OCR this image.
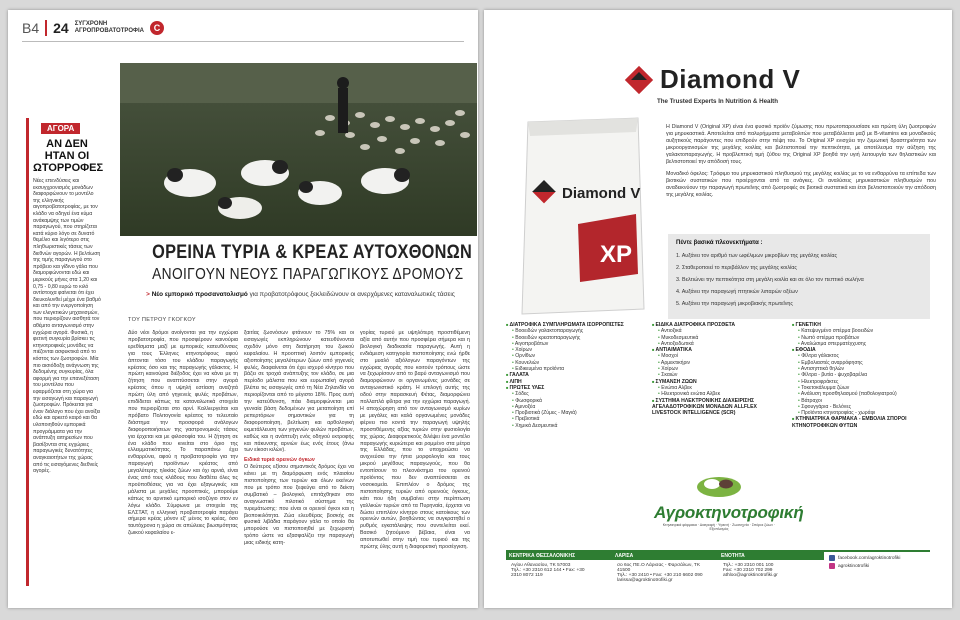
B4 24 ΣΥΓΧΡΟΝΗ
ΑΓΡΟΠΡΟΒΑΤΟΤΡΟΦΙΑ	C
ΑΓΟΡΑ
ΑΝ ΔΕΝ ΗΤΑΝ ΟΙ ΩΤΟΡΡΟΦΕΣ
Νέες επενδύσεις και εκσυγχρονισμός μονάδων διαφορφώνουν το μοντέλο της ελληνικής αιγοπροβατοτροφίας, με τον κλάδο να οδηγεί ένα κύμα ανάκαμψης των τιμών παραγωγού, που στηρίζεται κατά κύριο λόγο σε δυνατό θεμέλιο και λιγότερο στις πληθωριστικές τάσεις των διεθνών αγορών. Η βελτίωση της τιμής παραγωγού στο πρόβειο και γίδινο γάλα που διαμορφώνονται εδώ και μερικούς μήνες στα 1,20 και 0,75 - 0,80 ευρώ το κιλό αντίστοιχα φαίνεται ότι έχει διευκολυνθεί μέχρι ένα βαθμό και από την ενεργοποίηση των ελεγκτικών μηχανισμών, που περιορίζουν αισθητά τον αθέμιτο ανταγωνισμό στην εγχώρια αγορά. Φυσικά, η φετινή συγκυρία βρίσκει τις κτηνοτροφικές μονάδες να πιέζονται ασφυκτικά από το κόστος των ζωοτροφών. Μία πιο αισιόδοξη ανάγνωση της δεδομένης συγκυρίας, όλα αφορμή για την επανεξέταση του μοντέλου που εφαρμόζεται στη χώρα για την εισαγωγή και παραγωγή ζωοτροφών. Πρόκειται για έναν διάλογο που έχει ανοίξει εδώ και αρκετό καιρό και θα υλοποιηθούν εμπορικά προγράμματα για την ανάπτυξη αιτηρεσίων που βασίζονται στις εγχώριες παραγωγικές δυνατότητες αναγκαιοτήτων της χώρας από τις εισαγόμενες διεθνείς αγορές.
ΟΡΕΙΝΑ ΤΥΡΙΑ & ΚΡΕΑΣ ΑΥΤΟΧΘΟΝΩΝ
ΑΝΟΙΓΟΥΝ ΝΕΟΥΣ ΠΑΡΑΓΩΓΙΚΟΥΣ ΔΡΟΜΟΥΣ
> Νέο εμπορικό προσανατολισμό για προβατοτρόφους ξεκλειδώνουν οι ανερχόμενες καταναλωτικές τάσεις
ΤΟΥ ΠΕΤΡΟΥ ΓΚΟΓΚΟΥ

Δύο νέοι δρόμοι ανοίγονται για την εγχώρια προβατοτροφία, που προσφέρουν καινούρια ερεθίσματα μαζί με εμπορικές κατευθύνσεις για τους Έλληνες κτηνοτρόφους αφού άπτονται τόσο του κλάδου παραγωγής κρέατος όσο και της παραγωγής γάλακτος. Η πρώτη καινούρια διέξοδος έχει να κάνει με τη ζήτηση που αναπτύσσεται στην αγορά κρέατος όπου η υψηλή εστίαση αναζητά πρώτη ύλη από γηγενείς φυλές προβάτων, επιδίδεται κάπως τα καταναλωτικά στοιχεία που περιορίζεται στο αρνί. Καλλιεργείται και πρόβατο Πολιτογονία κρέατος το τελευταίο διάστημα την προσφορά ανάλογων διαφοροποιήσεων της γαστρονομικές τάσεις για έρχεται και με φιλοσοφία του. Η ζήτηση σε ένα κλάδο που κινείται στο όριο της ελλειμματικότητας. Το παραπάνω έχει ενθαρρύνει, αφού η προβατοτροφία για την παραγωγή προϊόντων κρέατος από μεγαλύτερης ηλικίας ζώων και όχι αρνιά, είναι ένας από τους κλάδους που διαθέτει όλες τις προϋποθέσεις για να έχει εξαγωγικές και μάλιστα με μεγάλες προοπτικές, μπορούμε κάπως το αρνιτικό εμπορικό ισοζύγιο στον εν λόγω κλάδο. Σύμφωνα με στοιχεία της ΕΛΣΤΑΤ, η ελληνική προβατοτροφία παράγει σήμερα κρέας μόνον εξ' μένος το κρέας, όσο ταυτόχρονα η χώρα σε απώλειες βιωσιμότητας ζωικού κεφαλαίου ε-

ξαιτίας ζωονόσων φτάνουν το 75% και οι εισαγωγές εκπληρώνουν κατευθύνονται σχεδόν μόνο στη διατήρηση του ζωικού κεφαλαίου. Η προοπτική λοιπόν εμπορικής αξιοποίησης μεγαλύτερων ζώων από γηγενείς φυλές, διαφαίνεται ότι έχει ισχυρό κίνητρο που βάζει σε τροχιά ανάπτυξης τον κλάδο, σε μια περίοδο μάλιστα που και ευρωπαϊκή αγορά βλέπει τις εισαγωγές από τη Νέα Ζηλανδία να περιορίζονται από το μέγιστο 18%. Προς αυτή την κατεύθυνση, πάει διαμορφώνεται μια γενναία βάση δεδομένων για μεταποίηση επί ρεπερτόριων σημαντικών για τη διαφοροποίηση, βελτίωση και αρθολογική εκμετάλλευση των γηγενών φυλών προβάτων, καθώς και η ανάπτυξη ενός οδηγού εκτροφής και πάκυνσης αρνιών έως ενός έτους (άνω των είκοσι κιλών).

Ειδικά τυριά ορεινών όγκων

Ο δεύτερος εξίσου σημαντικός δρόμος έχει να κάνει με τη διαμόρφωση ενός πλαισίου πιστοποίησης των τυριών και όλων εκείνων που με τρόπο που ξεφεύγει από το δείκτη συμβατικό – βιολογικό, επιτάχθηκαν στο αναγνωστικό πιλοτικό σύστημα της τυρεμάτωσης: που είναι οι ορεινοί όγκοι και η βιοποικιλότητα. Ζώα ελευθέρας βοσκής σε φυσικά λιβάδια παράγουν γάλα το οποίο θα μπορούσε να πιστοποιηθεί με ξεχωριστή τρόπο ώστε να εξασφαλίζει την παραγωγή μιας ειδικής κατη-

γορίας τυριού με υψηλότερη προστιθέμενη αξία από αυτήν που προσφέρει σήμερα και η βιολογική διαδικασία παραγωγής. Αυτή η ενδιάμεση κατηγορία πιστοποίησης ενώ ήρθε στο μυαλό αξιόλογων παραγόντων της εγχώριας αγοράς που κοιτούν τρόπους ώστε να ξεχωρίσουν από το βαρύ ανταγωνισμό που διαμορφώνουν οι οργανωμένες μονάδες σε ανταγωνιστικό κράτη. Η επιλογή αυτής της οδού στην παρασκευή Φέτας, διαμορφώνει πολλαπλά φίλτρα για την εγχώρια παραγωγή. Η αποχώρηση από τον ανταγωνισμό κυρίων με μεγάλες και καλά οργανωμένες μονάδες φέρνει πιο κοντά την παραγωγή υψηλής προστιθέμενης αξίας τυριών στην φυσιολογία της χώρας. Διαφορετικούς διλέψει ένα μοντέλο παραγωγής κυριώτερα και ρομμένο στα μέτρα της Ελλάδας, που το υποχρεώσει να ανιχνεύσει την ήπια μορφολογία και τους μικρού μεγέθους παραγωγούς, που θα εντοπίσουν το πλεονέκτημα του ορεινού προϊόντος που δεν αναπτύσσεται σε νοσοκομεία. Επιπλέον ο δρόμος της πιστοποίησης τυριών από ορεινούς όγκους, κάτι που ήδη συμβαίνει στην περίπτωση γαλλικών τυριών από τα Πυρηναία, έρχεται να δώσει επιπλέον κίνητρο στους κατοίκους των ορεινών αυτών, βοηθώντας να συγκρατηθεί ο ρυθμός εγκατάλειψης που συντελείται εκεί. Βασικό ζητούμενο βέβαια, είναι να αποτυπωθεί στην τιμή του τυριού και της πρώτης ύλης αυτή η διαφορετική προσέγγιση.

Diamond V
The Trusted Experts In Nutrition & Health
Diamond V
XP

Η Diamond V (Original XP) είναι ένα φυσικό προϊόν ζύμωσης που πρωτοπαρουσίασε και πρώτη ύλη ζωοτροφών για μηρυκαστικά. Αποτελείται από παλυρήμματα μεταβολιτών που μεταβάλλεται μαζί με B-vitamins και μοναδικούς αυξητικούς παράγοντες που επιδρούν στην πέψη του. Το Original XP ενισχύει την ζυμωτική δραστηριότητα των μικροοργανισμών της μεγάλης κοιλίας και βελτιστοποιεί την πεπτικότητα, με αποτέλεσμα την αύξηση της γαλακτοπαραγωγής. Η προβλεπτική τιμή ζύθου της Original XP βοηθά την υγιή λειτουργία των θηλαστικών και βελτιστοποιεί την απόδοσή τους.

Μοναδικό όφελος: Τρόφιμο του μηρυκαστικού πληθυσμού της μεγάλης κοιλίας με το να ενθαρρύνει τα επίπεδα των βιοτικών συστατικών που προέρχονται από τα ανάγκες. Οι αναλύσεις μηρυκαστικών πληθυσμών που αναδεικνύουν την παραγωγή πρωτεΐνης από ζωοτροφές σε βιοτικά συστατικά και έτσι βελτιστοποιούν την απόδοση της μεγάλης κοιλίας.

Πέντε βασικά πλεονεκτήματα :
1. Αυξάνει τον αριθμό των ωφέλιμων μικροβίων της μεγάλης κοιλίας
2. Σταθεροποιεί το περιβάλλον της μεγάλης κοιλίας
3. Βελτιώνει την πεπτικότητα στη μεγάλη κοιλία και σε όλο τον πεπτικό σωλήνα
4. Αυξάνει την παραγωγή πτητικών λιπαρών οξέων
5. Αυξάνει την παραγωγή μικροβιακής πρωτεΐνης
■ ΔΙΑΤΡΟΦΙΚΑ ΣΥΜΠΛΗΡΩΜΑΤΑ ΙΣΟΡΡΟΠΙΣΤΕΣ
• Βοοειδών γαλακτοπαραγωγής
• Βοοειδών κρεατοπαραγωγής
• Αιγοπροβάτων
• Χοίρων
• Ορνίθων
• Κουνελιών
• Ειδικευμένα προϊόντα
■ ΓΑΛΑΤΑ
■ ΛΙΠΗ
■ ΠΡΩΤΕΣ ΥΛΕΣ
• Σόδες
• Φωσφορικά
• Αμινοξέα
• Προβιοτικά (Ζύμες - Μαγιά)
• Πρεβιοτικά
• Χημικά Δεσμευτικά
■ ΕΙΔΙΚΑ ΔΙΑΤΡΟΦΙΚΑ ΠΡΟΣΘΕΤΑ
• Αντιοξικά
• Μυκοδεσμευτικά
• Αντιοξειδωτικά
■ ΑΝΤΙΑΙΜΑΤΙΚΑ
• Μοσχοί
• Αρμεκτικήριν
• Χοίρων
• Σκαιών
■ ΣΥΜΑΝΣΗ ΖΩΩΝ
• Ενώτια Αλβεκ
• Ηλεκτρονικά ενώτια Αλβεκ
■ ΣΥΣΤΗΜΑ ΗΛΕΚΤΡΟΝΙΚΗΣ ΔΙΑΧΕΙΡΙΣΗΣ ΑΓΕΛΑΔΟΤΡΟΦΙΚΩΝ ΜΟΝΑΔΩΝ ALLFLEX LIVESTOCK INTELLIGENCE (SCR)
■ ΓΕΝΕΤΙΚΗ
• Κατεψυγμένο σπέρμα βοοειδών
• Νωπό σπέρμα προβάτων
• Αναλώσιμα σπερματέγχυσης
■ ΕΦΟΔΙΑ
• Φίλτρα γάλακτος
• Εμβολιαστές αναρρόφησης
• Αντισηπτικά θηλών
• Φίλτρα - βυτία - ψυχοβαρέλια
• Ηλεκτροφράκτες
• Τοκετοκάλυμμα ζώων
• Ανάλυση προσθηλασμού (παθολογιατρού)
• Βάτραχοι
• Σφουγγάρια - Βελόνες
• Προϊόντα κτηνοτροφίας - χωράφι
■ ΚΤΗΝΙΑΤΡΙΚΑ ΦΑΡΜΑΚΑ - ΕΜΒΟΛΙΑ ΣΠΟΡΟΙ ΚΤΗΝΟΤΡΟΦΙΚΩΝ ΦΥΤΩΝ
Αγροκτηνοτροφική
Κτηνιατρικά φάρμακα · Διατροφή · Υγιεινή · Ζωοτεχνία · Σπόροι ζώων · Εξοπλισμός
ΚΕΝΤΡΙΚΑ ΘΕΣΣΑΛΟΝΙΚΗΣ
Αγίου Αθανασίου, ΤΚ 57003
Τηλ.: +30 2310 612 144 • Fax: +30
2310 8072 119
ΛΑΡΙΣΑ
σο 6ος ΠΕ.Ο Λάρισας - Φαρσάλων, ΤΚ 41500
Τηλ.: +30 2410 • Fax: +30 210 6602 090
larissa@agroktinotrofiki.gr
ΕΝΟΤΗΤΑ
Τηλ.: +30 2310 001 100
Fax: +30 2310 702 299
athloo@agroktinotrofiki.gr
facebook.com/agroktinotrofiki
agroktinotrofiki
